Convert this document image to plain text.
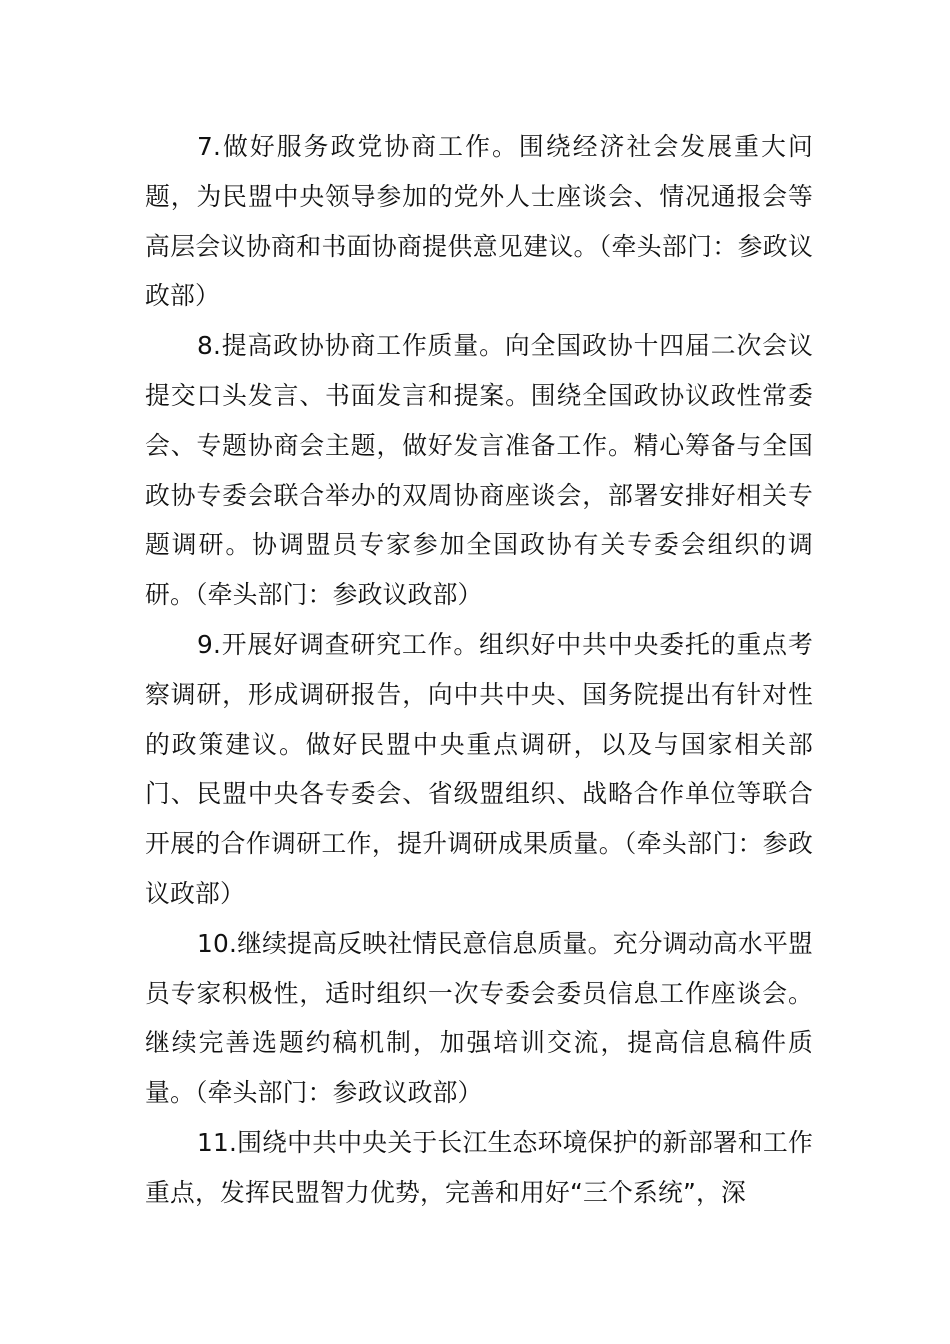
7.做好服务政党协商工作。围绕经济社会发展重大问题，为民盟中央领导参加的党外人士座谈会、情况通报会等高层会议协商和书面协商提供意见建议。（牵头部门：参政议政部）

8.提高政协协商工作质量。向全国政协十四届二次会议提交口头发言、书面发言和提案。围绕全国政协议政性常委会、专题协商会主题，做好发言准备工作。精心筹备与全国政协专委会联合举办的双周协商座谈会，部署安排好相关专题调研。协调盟员专家参加全国政协有关专委会组织的调研。（牵头部门：参政议政部）

9.开展好调查研究工作。组织好中共中央委托的重点考察调研，形成调研报告，向中共中央、国务院提出有针对性的政策建议。做好民盟中央重点调研，以及与国家相关部门、民盟中央各专委会、省级盟组织、战略合作单位等联合开展的合作调研工作，提升调研成果质量。（牵头部门：参政议政部）

10.继续提高反映社情民意信息质量。充分调动高水平盟员专家积极性，适时组织一次专委会委员信息工作座谈会。继续完善选题约稿机制，加强培训交流，提高信息稿件质量。（牵头部门：参政议政部）

11.围绕中共中央关于长江生态环境保护的新部署和工作重点，发挥民盟智力优势，完善和用好“三个系统”，深
